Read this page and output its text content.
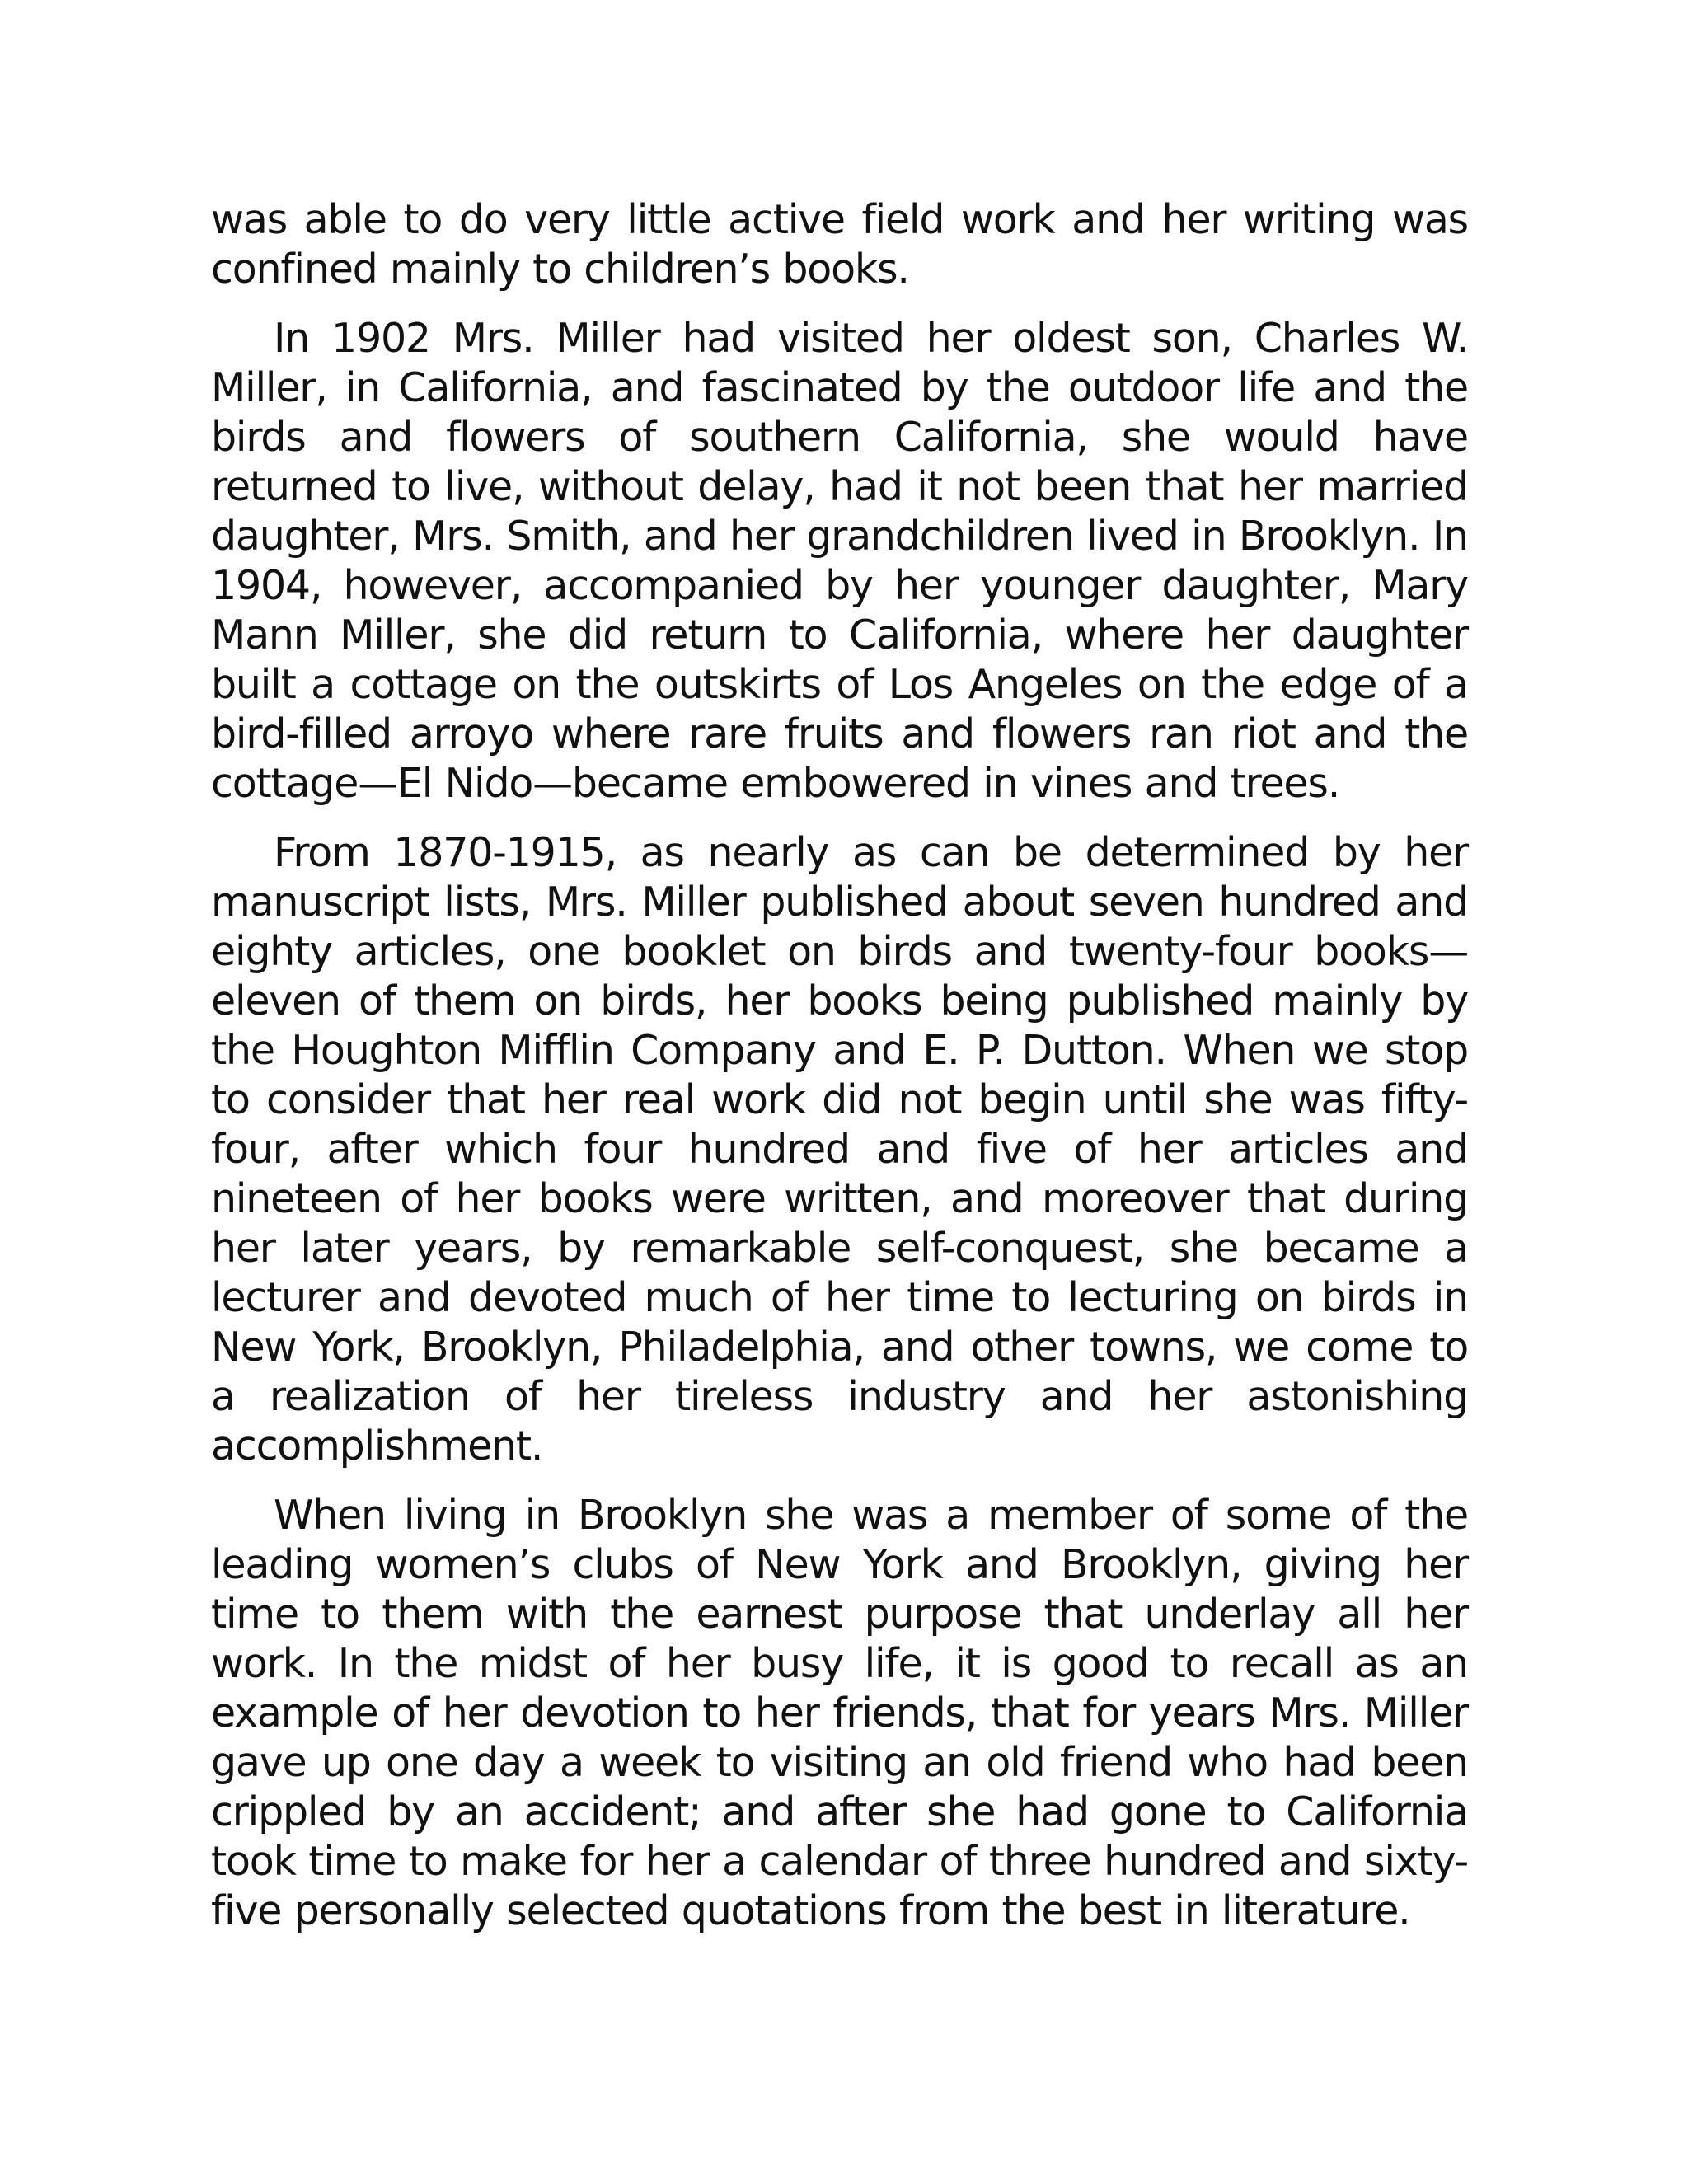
was able to do very little active field work and her writing was confined mainly to children’s books.

In 1902 Mrs. Miller had visited her oldest son, Charles W. Miller, in California, and fascinated by the outdoor life and the birds and flowers of southern California, she would have returned to live, without delay, had it not been that her married daughter, Mrs. Smith, and her grandchildren lived in Brooklyn. In 1904, however, accompanied by her younger daughter, Mary Mann Miller, she did return to California, where her daughter built a cottage on the outskirts of Los Angeles on the edge of a bird-filled arroyo where rare fruits and flowers ran riot and the cottage—El Nido—became embowered in vines and trees.

From 1870-1915, as nearly as can be determined by her manuscript lists, Mrs. Miller published about seven hundred and eighty articles, one booklet on birds and twenty-four books—eleven of them on birds, her books being published mainly by the Houghton Mifflin Company and E. P. Dutton. When we stop to consider that her real work did not begin until she was fifty-four, after which four hundred and five of her articles and nineteen of her books were written, and moreover that during her later years, by remarkable self-conquest, she became a lecturer and devoted much of her time to lecturing on birds in New York, Brooklyn, Philadelphia, and other towns, we come to a realization of her tireless industry and her astonishing accomplishment.

When living in Brooklyn she was a member of some of the leading women’s clubs of New York and Brooklyn, giving her time to them with the earnest purpose that underlay all her work. In the midst of her busy life, it is good to recall as an example of her devotion to her friends, that for years Mrs. Miller gave up one day a week to visiting an old friend who had been crippled by an accident; and after she had gone to California took time to make for her a calendar of three hundred and sixty-five personally selected quotations from the best in literature.
